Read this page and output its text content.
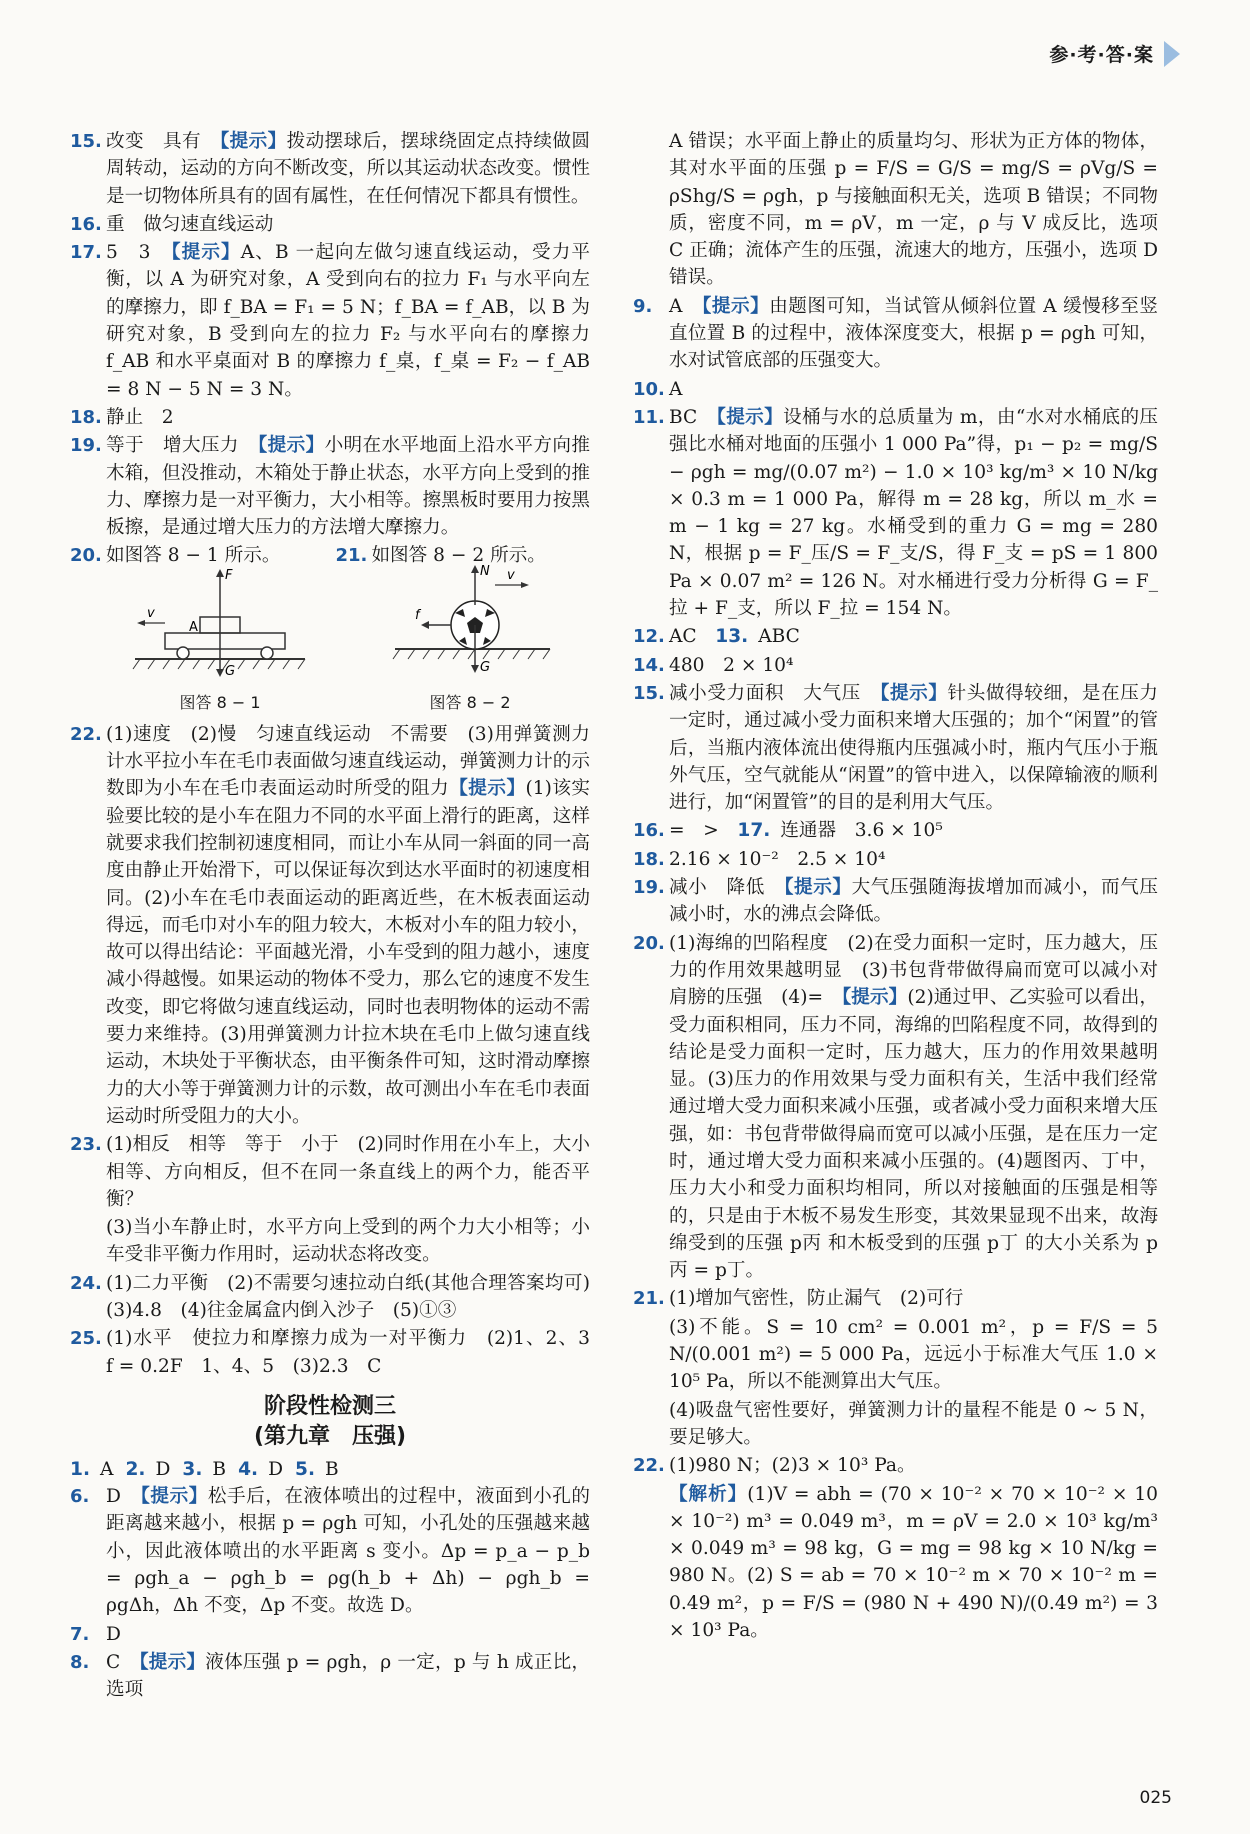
参·考·答·案
15. 改变　具有　【提示】拨动摆球后，摆球绕固定点持续做圆周转动，运动的方向不断改变，所以其运动状态改变。惯性是一切物体所具有的固有属性，在任何情况下都具有惯性。
16. 重　做匀速直线运动
17. 5　3　【提示】A、B 一起向左做匀速直线运动，受力平衡，以 A 为研究对象，A 受到向右的拉力 F₁ 与水平向左的摩擦力，即 f_BA = F₁ = 5 N；f_BA = f_AB，以 B 为研究对象，B 受到向左的拉力 F₂ 与水平向右的摩擦力 f_AB 和水平桌面对 B 的摩擦力 f_桌，f_桌 = F₂ − f_AB = 8 N − 5 N = 3 N。
18. 静止　2
19. 等于　增大压力　【提示】小明在水平地面上沿水平方向推木箱，但没推动，木箱处于静止状态，水平方向上受到的推力、摩擦力是一对平衡力，大小相等。擦黑板时要用力按黑板擦，是通过增大压力的方法增大摩擦力。
20. 如图答 8 − 1 所示。	21. 如图答 8 − 2 所示。
F
v
A
G
图答 8 − 1
N v
f
G
图答 8 − 2
22. (1)速度　(2)慢　匀速直线运动　不需要　(3)用弹簧测力计水平拉小车在毛巾表面做匀速直线运动，弹簧测力计的示数即为小车在毛巾表面运动时所受的阻力【提示】(1)该实验要比较的是小车在阻力不同的水平面上滑行的距离，这样就要求我们控制初速度相同，而让小车从同一斜面的同一高度由静止开始滑下，可以保证每次到达水平面时的初速度相同。(2)小车在毛巾表面运动的距离近些，在木板表面运动得远，而毛巾对小车的阻力较大，木板对小车的阻力较小，故可以得出结论：平面越光滑，小车受到的阻力越小，速度减小得越慢。如果运动的物体不受力，那么它的速度不发生改变，即它将做匀速直线运动，同时也表明物体的运动不需要力来维持。(3)用弹簧测力计拉木块在毛巾上做匀速直线运动，木块处于平衡状态，由平衡条件可知，这时滑动摩擦力的大小等于弹簧测力计的示数，故可测出小车在毛巾表面运动时所受阻力的大小。
23. (1)相反　相等　等于　小于　(2)同时作用在小车上，大小相等、方向相反，但不在同一条直线上的两个力，能否平衡？
(3)当小车静止时，水平方向上受到的两个力大小相等；小车受非平衡力作用时，运动状态将改变。
24. (1)二力平衡　(2)不需要匀速拉动白纸(其他合理答案均可)　(3)4.8　(4)往金属盒内倒入沙子　(5)①③
25. (1)水平　使拉力和摩擦力成为一对平衡力　(2)1、2、3　f = 0.2F　1、4、5　(3)2.3　C
阶段性检测三
(第九章　压强)
1. A 2. D 3. B 4. D 5. B
6. D　【提示】松手后，在液体喷出的过程中，液面到小孔的距离越来越小，根据 p = ρgh 可知，小孔处的压强越来越小，因此液体喷出的水平距离 s 变小。Δp = p_a − p_b = ρgh_a − ρgh_b = ρg(h_b + Δh) − ρgh_b = ρgΔh，Δh 不变，Δp 不变。故选 D。
7. D
8. C　【提示】液体压强 p = ρgh，ρ 一定，p 与 h 成正比，选项
A 错误；水平面上静止的质量均匀、形状为正方体的物体，其对水平面的压强 p = F/S = G/S = mg/S = ρVg/S = ρShg/S = ρgh，p 与接触面积无关，选项 B 错误；不同物质，密度不同，m = ρV，m 一定，ρ 与 V 成反比，选项 C 正确；流体产生的压强，流速大的地方，压强小，选项 D 错误。
9. A　【提示】由题图可知，当试管从倾斜位置 A 缓慢移至竖直位置 B 的过程中，液体深度变大，根据 p = ρgh 可知，水对试管底部的压强变大。
10. A
11. BC　【提示】设桶与水的总质量为 m，由“水对水桶底的压强比水桶对地面的压强小 1 000 Pa”得，p₁ − p₂ = mg/S − ρgh = mg/(0.07 m²) − 1.0 × 10³ kg/m³ × 10 N/kg × 0.3 m = 1 000 Pa，解得 m = 28 kg，所以 m_水 = m − 1 kg = 27 kg。水桶受到的重力 G = mg = 280 N，根据 p = F_压/S = F_支/S，得 F_支 = pS = 1 800 Pa × 0.07 m² = 126 N。对水桶进行受力分析得 G = F_拉 + F_支，所以 F_拉 = 154 N。
12. AC　 13. ABC
14. 480　2 × 10⁴
15. 减小受力面积　大气压　【提示】针头做得较细，是在压力一定时，通过减小受力面积来增大压强的；加个“闲置”的管后，当瓶内液体流出使得瓶内压强减小时，瓶内气压小于瓶外气压，空气就能从“闲置”的管中进入，以保障输液的顺利进行，加“闲置管”的目的是利用大气压。
16. =　>　 17. 连通器　3.6 × 10⁵
18. 2.16 × 10⁻²　2.5 × 10⁴
19. 减小　降低　【提示】大气压强随海拔增加而减小，而气压减小时，水的沸点会降低。
20. (1)海绵的凹陷程度　(2)在受力面积一定时，压力越大，压力的作用效果越明显　(3)书包背带做得扁而宽可以减小对肩膀的压强　(4)=　【提示】(2)通过甲、乙实验可以看出，受力面积相同，压力不同，海绵的凹陷程度不同，故得到的结论是受力面积一定时，压力越大，压力的作用效果越明显。(3)压力的作用效果与受力面积有关，生活中我们经常通过增大受力面积来减小压强，或者减小受力面积来增大压强，如：书包背带做得扁而宽可以减小压强，是在压力一定时，通过增大受力面积来减小压强的。(4)题图丙、丁中，压力大小和受力面积均相同，所以对接触面的压强是相等的，只是由于木板不易发生形变，其效果显现不出来，故海绵受到的压强 p丙 和木板受到的压强 p丁 的大小关系为 p丙 = p丁。
21. (1)增加气密性，防止漏气　(2)可行
(3)不能。S = 10 cm² = 0.001 m²，p = F/S = 5 N/(0.001 m²) = 5 000 Pa，远远小于标准大气压 1.0 × 10⁵ Pa，所以不能测算出大气压。
(4)吸盘气密性要好，弹簧测力计的量程不能是 0 ~ 5 N，要足够大。
22. (1)980 N；(2)3 × 10³ Pa。
【解析】(1)V = abh = (70 × 10⁻² × 70 × 10⁻² × 10 × 10⁻²) m³ = 0.049 m³，m = ρV = 2.0 × 10³ kg/m³ × 0.049 m³ = 98 kg，G = mg = 98 kg × 10 N/kg = 980 N。(2) S = ab = 70 × 10⁻² m × 70 × 10⁻² m = 0.49 m²，p = F/S = (980 N + 490 N)/(0.49 m²) = 3 × 10³ Pa。
025
